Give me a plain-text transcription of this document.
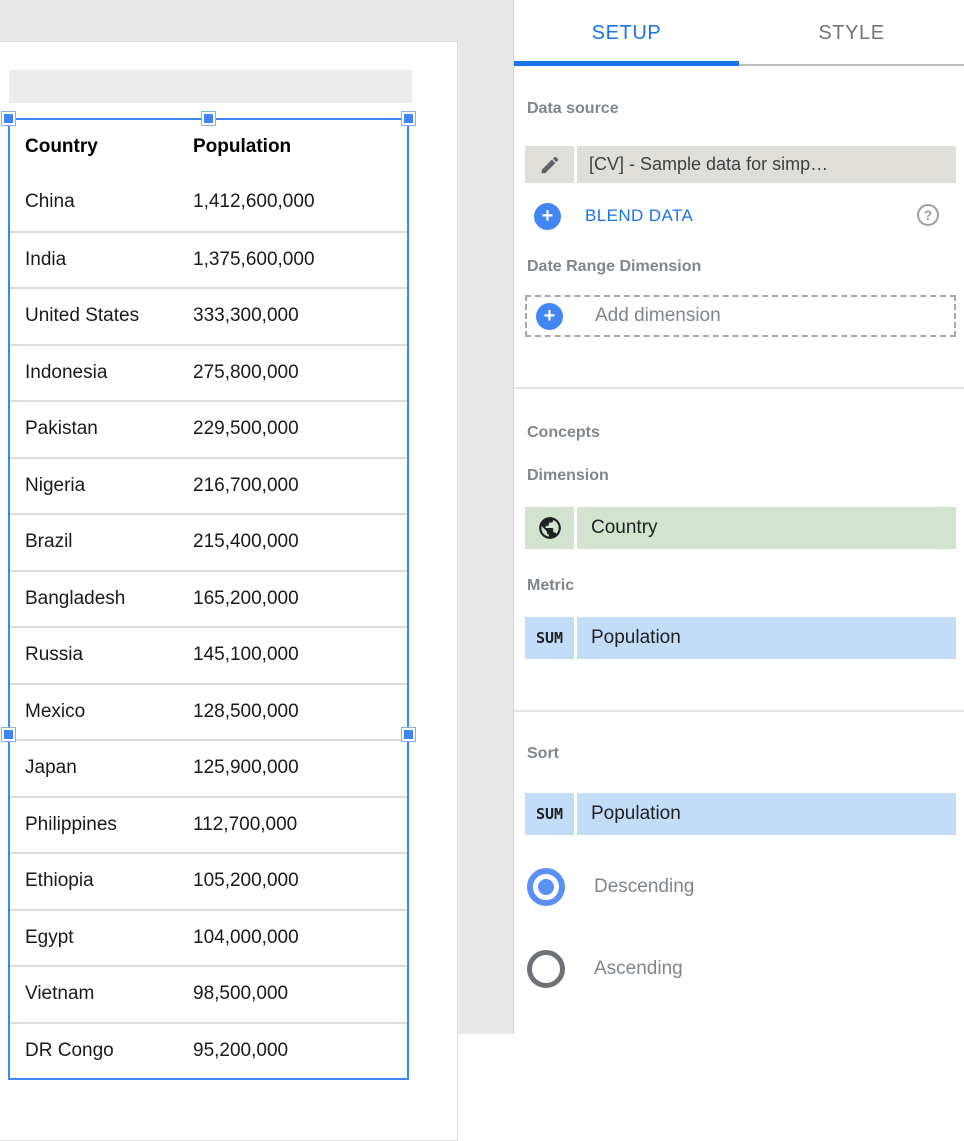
Country	Population
China	1,412,600,000
India	1,375,600,000
United States	333,300,000
Indonesia	275,800,000
Pakistan	229,500,000
Nigeria	216,700,000
Brazil	215,400,000
Bangladesh	165,200,000
Russia	145,100,000
Mexico	128,500,000
Japan	125,900,000
Philippines	112,700,000
Ethiopia	105,200,000
Egypt	104,000,000
Vietnam	98,500,000
DR Congo	95,200,000
SETUP	STYLE
Data source
[CV] - Sample data for simp…
+	BLEND DATA	?
Date Range Dimension
+	Add dimension
Concepts
Dimension
Country
Metric
SUM	Population
Sort
SUM	Population
Descending
Ascending
